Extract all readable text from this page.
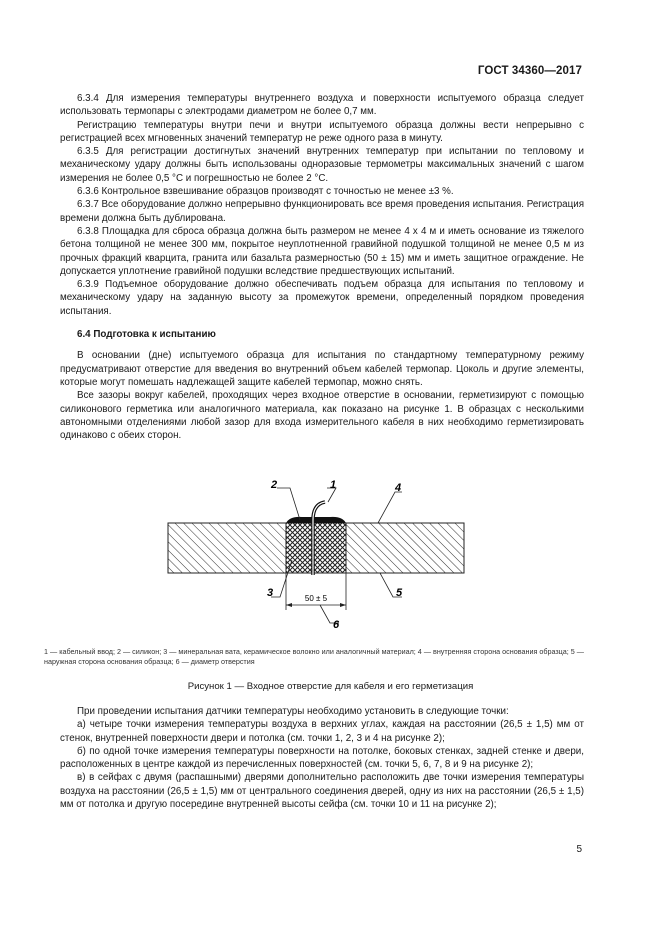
ГОСТ 34360—2017

6.3.4 Для измерения температуры внутреннего воздуха и поверхности испытуемого образца следует использовать термопары с электродами диаметром не более 0,7 мм.

Регистрацию температуры внутри печи и внутри испытуемого образца должны вести непрерывно с регистрацией всех мгновенных значений температур не реже одного раза в минуту.

6.3.5 Для регистрации достигнутых значений внутренних температур при испытании по тепловому и механическому удару должны быть использованы одноразовые термометры максимальных значений с шагом измерения не более 0,5 °С и погрешностью не более 2 °С.

6.3.6 Контрольное взвешивание образцов производят с точностью не менее ±3 %.

6.3.7 Все оборудование должно непрерывно функционировать все время проведения испытания. Регистрация времени должна быть дублирована.

6.3.8 Площадка для сброса образца должна быть размером не менее 4 x 4 м и иметь основание из тяжелого бетона толщиной не менее 300 мм, покрытое неуплотненной гравийной подушкой толщиной не менее 0,5 м из прочных фракций кварцита, гранита или базальта размерностью (50 ± 15) мм и иметь защитное ограждение. Не допускается уплотнение гравийной подушки вследствие предшествующих испытаний.

6.3.9 Подъемное оборудование должно обеспечивать подъем образца для испытания по тепловому и механическому удару на заданную высоту за промежуток времени, определенный порядком проведения испытания.

6.4 Подготовка к испытанию

В основании (дне) испытуемого образца для испытания по стандартному температурному режиму предусматривают отверстие для введения во внутренний объем кабелей термопар. Цоколь и другие элементы, которые могут помешать надлежащей защите кабелей термопар, можно снять.

Все зазоры вокруг кабелей, проходящих через входное отверстие в основании, герметизируют с помощью силиконового герметика или аналогичного материала, как показано на рисунке 1. В образцах с несколькими автономными отделениями любой зазор для входа измерительного кабеля в них необходимо герметизировать одинаково с обеих сторон.

50 ± 5
1
2
3
4
5
6
1 — кабельный ввод; 2 — силикон; 3 — минеральная вата, керамическое волокно или аналогичный материал; 4 — внутренняя сторона основания образца; 5 — наружная сторона основания образца; 6 — диаметр отверстия
Рисунок 1 — Входное отверстие для кабеля и его герметизация

При проведении испытания датчики температуры необходимо установить в следующие точки:

а) четыре точки измерения температуры воздуха в верхних углах, каждая на расстоянии (26,5 ± 1,5) мм от стенок, внутренней поверхности двери и потолка (см. точки 1, 2, 3 и 4 на рисунке 2);

б) по одной точке измерения температуры поверхности на потолке, боковых стенках, задней стенке и двери, расположенных в центре каждой из перечисленных поверхностей (см. точки 5, 6, 7, 8 и 9 на рисунке 2);

в) в сейфах с двумя (распашными) дверями дополнительно расположить две точки измерения температуры воздуха на расстоянии (26,5 ± 1,5) мм от центрального соединения дверей, одну из них на расстоянии (26,5 ± 1,5) мм от потолка и другую посередине внутренней высоты сейфа (см. точки 10 и 11 на рисунке 2);

5
